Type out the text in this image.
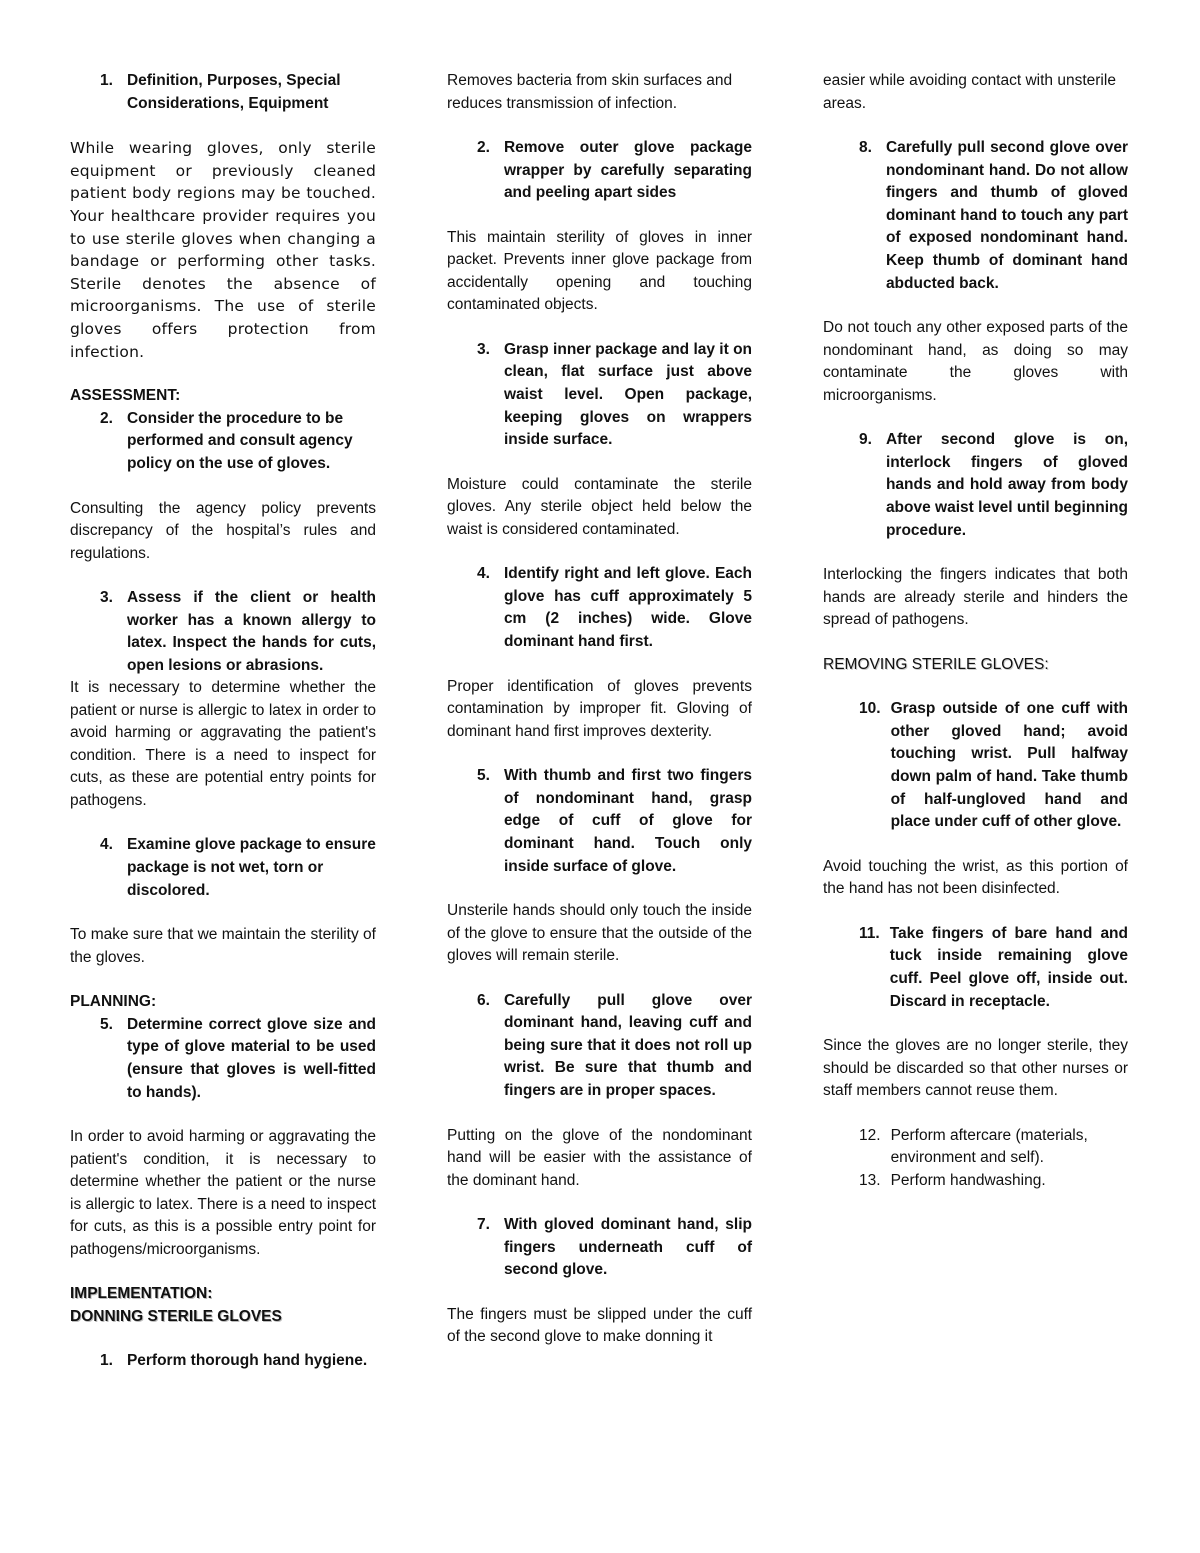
1. Definition, Purposes, Special Considerations, Equipment

While wearing gloves, only sterile equipment or previously cleaned patient body regions may be touched. Your healthcare provider requires you to use sterile gloves when changing a bandage or performing other tasks. Sterile denotes the absence of microorganisms. The use of sterile gloves offers protection from infection.

ASSESSMENT:

2. Consider the procedure to be performed and consult agency policy on the use of gloves.

Consulting the agency policy prevents discrepancy of the hospital’s rules and regulations.

3. Assess if the client or health worker has a known allergy to latex. Inspect the hands for cuts, open lesions or abrasions.

It is necessary to determine whether the patient or nurse is allergic to latex in order to avoid harming or aggravating the patient's condition. There is a need to inspect for cuts, as these are potential entry points for pathogens.

4. Examine glove package to ensure package is not wet, torn or discolored.

To make sure that we maintain the sterility of the gloves.

PLANNING:

5. Determine correct glove size and type of glove material to be used (ensure that gloves is well-fitted to hands).

In order to avoid harming or aggravating the patient's condition, it is necessary to determine whether the patient or the nurse is allergic to latex. There is a need to inspect for cuts, as this is a possible entry point for pathogens/microorganisms.

IMPLEMENTATION:

DONNING STERILE GLOVES

1. Perform thorough hand hygiene.

Removes bacteria from skin surfaces and reduces transmission of infection.

2. Remove outer glove package wrapper by carefully separating and peeling apart sides

This maintain sterility of gloves in inner packet. Prevents inner glove package from accidentally opening and touching contaminated objects.

3. Grasp inner package and lay it on clean, flat surface just above waist level. Open package, keeping gloves on wrappers inside surface.

Moisture could contaminate the sterile gloves. Any sterile object held below the waist is considered contaminated.

4. Identify right and left glove. Each glove has cuff approximately 5 cm (2 inches) wide. Glove dominant hand first.

Proper identification of gloves prevents contamination by improper fit. Gloving of dominant hand first improves dexterity.

5. With thumb and first two fingers of nondominant hand, grasp edge of cuff of glove for dominant hand. Touch only inside surface of glove.

Unsterile hands should only touch the inside of the glove to ensure that the outside of the gloves will remain sterile.

6. Carefully pull glove over dominant hand, leaving cuff and being sure that it does not roll up wrist. Be sure that thumb and fingers are in proper spaces.

Putting on the glove of the nondominant hand will be easier with the assistance of the dominant hand.

7. With gloved dominant hand, slip fingers underneath cuff of second glove.

The fingers must be slipped under the cuff of the second glove to make donning it

easier while avoiding contact with unsterile areas.

8. Carefully pull second glove over nondominant hand. Do not allow fingers and thumb of gloved dominant hand to touch any part of exposed nondominant hand. Keep thumb of dominant hand abducted back.

Do not touch any other exposed parts of the nondominant hand, as doing so may contaminate the gloves with microorganisms.

9. After second glove is on, interlock fingers of gloved hands and hold away from body above waist level until beginning procedure.

Interlocking the fingers indicates that both hands are already sterile and hinders the spread of pathogens.

REMOVING STERILE GLOVES:

10. Grasp outside of one cuff with other gloved hand; avoid touching wrist. Pull halfway down palm of hand. Take thumb of half-ungloved hand and place under cuff of other glove.

Avoid touching the wrist, as this portion of the hand has not been disinfected.

11. Take fingers of bare hand and tuck inside remaining glove cuff. Peel glove off, inside out. Discard in receptacle.

Since the gloves are no longer sterile, they should be discarded so that other nurses or staff members cannot reuse them.

12. Perform aftercare (materials, environment and self).
13. Perform handwashing.
